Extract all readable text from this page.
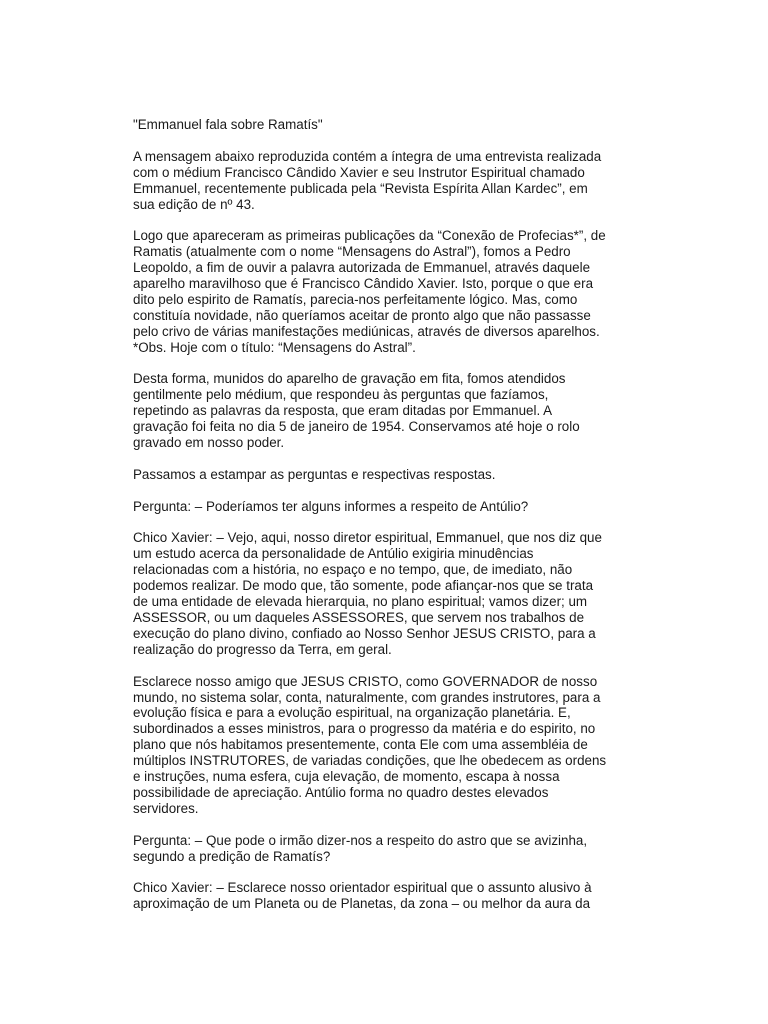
"Emmanuel fala sobre Ramatís"

A mensagem abaixo reproduzida contém a íntegra de uma entrevista realizada
com o médium Francisco Cândido Xavier e seu Instrutor Espiritual chamado
Emmanuel, recentemente publicada pela “Revista Espírita Allan Kardec”, em
sua edição de nº 43.

Logo que apareceram as primeiras publicações da “Conexão de Profecias*”, de
Ramatis (atualmente com o nome “Mensagens do Astral”), fomos a Pedro
Leopoldo, a fim de ouvir a palavra autorizada de Emmanuel, através daquele
aparelho maravilhoso que é Francisco Cândido Xavier. Isto, porque o que era
dito pelo espirito de Ramatís, parecia-nos perfeitamente lógico. Mas, como
constituía novidade, não queríamos aceitar de pronto algo que não passasse
pelo crivo de várias manifestações mediúnicas, através de diversos aparelhos.
*Obs. Hoje com o título: “Mensagens do Astral”.

Desta forma, munidos do aparelho de gravação em fita, fomos atendidos
gentilmente pelo médium, que respondeu às perguntas que fazíamos,
repetindo as palavras da resposta, que eram ditadas por Emmanuel. A
gravação foi feita no dia 5 de janeiro de 1954. Conservamos até hoje o rolo
gravado em nosso poder.

Passamos a estampar as perguntas e respectivas respostas.

Pergunta: – Poderíamos ter alguns informes a respeito de Antúlio?

Chico Xavier: – Vejo, aqui, nosso diretor espiritual, Emmanuel, que nos diz que
um estudo acerca da personalidade de Antúlio exigiria minudências
relacionadas com a história, no espaço e no tempo, que, de imediato, não
podemos realizar. De modo que, tão somente, pode afiançar-nos que se trata
de uma entidade de elevada hierarquia, no plano espiritual; vamos dizer; um
ASSESSOR, ou um daqueles ASSESSORES, que servem nos trabalhos de
execução do plano divino, confiado ao Nosso Senhor JESUS CRISTO, para a
realização do progresso da Terra, em geral.

Esclarece nosso amigo que JESUS CRISTO, como GOVERNADOR de nosso
mundo, no sistema solar, conta, naturalmente, com grandes instrutores, para a
evolução física e para a evolução espiritual, na organização planetária. E,
subordinados a esses ministros, para o progresso da matéria e do espirito, no
plano que nós habitamos presentemente, conta Ele com uma assembléia de
múltiplos INSTRUTORES, de variadas condições, que lhe obedecem as ordens
e instruções, numa esfera, cuja elevação, de momento, escapa à nossa
possibilidade de apreciação. Antúlio forma no quadro destes elevados
servidores.

Pergunta: – Que pode o irmão dizer-nos a respeito do astro que se avizinha,
segundo a predição de Ramatís?

Chico Xavier: – Esclarece nosso orientador espiritual que o assunto alusivo à
aproximação de um Planeta ou de Planetas, da zona – ou melhor da aura da
